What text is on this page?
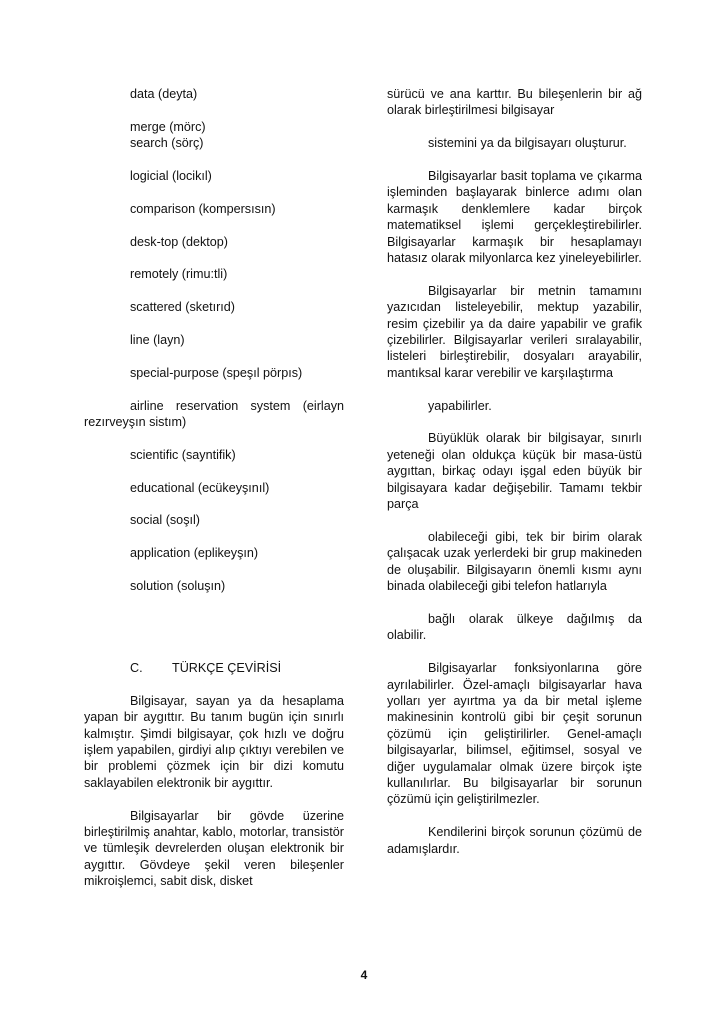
data (deyta)
merge (mörc)
search (sörç)
logicial (locikıl)
comparison (kompersısın)
desk-top (dektop)
remotely (rimu:tli)
scattered (sketırıd)
line (layn)
special-purpose (speşıl pörpıs)
airline reservation system (eirlayn rezırveyşın sistım)
scientific (sayntifik)
educational (ecükeyşınıl)
social (soşıl)
application (eplikeyşın)
solution (soluşın)
C. TÜRKÇE ÇEVİRİSİ

Bilgisayar, sayan ya da hesaplama yapan bir aygıttır. Bu tanım bugün için sınırlı kalmıştır. Şimdi bilgisayar, çok hızlı ve doğru işlem yapabilen, girdiyi alıp çıktıyı verebilen ve bir problemi çözmek için bir dizi komutu saklayabilen elektronik bir aygıttır.

Bilgisayarlar bir gövde üzerine birleştirilmiş anahtar, kablo, motorlar, transistör ve tümleşik devrelerden oluşan elektronik bir aygıttır. Gövdeye şekil veren bileşenler mikroişlemci, sabit disk, disket

sürücü ve ana karttır. Bu bileşenlerin bir ağ olarak birleştirilmesi bilgisayar

sistemini ya da bilgisayarı oluşturur.

Bilgisayarlar basit toplama ve çıkarma işleminden başlayarak binlerce adımı olan karmaşık denklemlere kadar birçok matematiksel işlemi gerçekleştirebilirler. Bilgisayarlar karmaşık bir hesaplamayı hatasız olarak milyonlarca kez yineleyebilirler.

Bilgisayarlar bir metnin tamamını yazıcıdan listeleyebilir, mektup yazabilir, resim çizebilir ya da daire yapabilir ve grafik çizebilirler. Bilgisayarlar verileri sıralayabilir, listeleri birleştirebilir, dosyaları arayabilir, mantıksal karar verebilir ve karşılaştırma

yapabilirler.

Büyüklük olarak bir bilgisayar, sınırlı yeteneği olan oldukça küçük bir masa-üstü aygıttan, birkaç odayı işgal eden büyük bir bilgisayara kadar değişebilir. Tamamı tekbir parça

olabileceği gibi, tek bir birim olarak çalışacak uzak yerlerdeki bir grup makineden de oluşabilir. Bilgisayarın önemli kısmı aynı binada olabileceği gibi telefon hatlarıyla

bağlı olarak ülkeye dağılmış da olabilir.

Bilgisayarlar fonksiyonlarına göre ayrılabilirler. Özel-amaçlı bilgisayarlar hava yolları yer ayırtma ya da bir metal işleme makinesinin kontrolü gibi bir çeşit sorunun çözümü için geliştirilirler. Genel-amaçlı bilgisayarlar, bilimsel, eğitimsel, sosyal ve diğer uygulamalar olmak üzere birçok işte kullanılırlar. Bu bilgisayarlar bir sorunun çözümü için geliştirilmezler.

Kendilerini birçok sorunun çözümü de adamışlardır.

4
